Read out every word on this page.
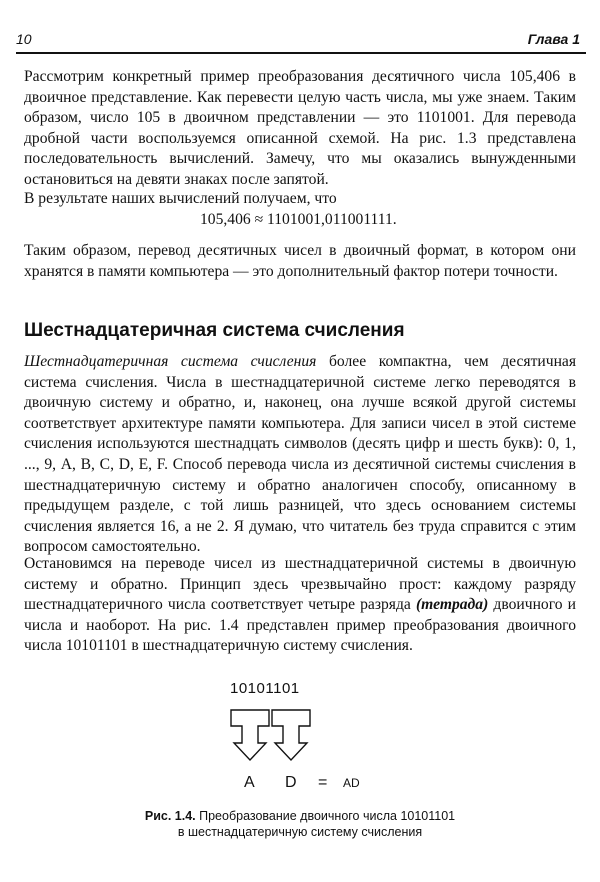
10	Глава 1

Рассмотрим конкретный пример преобразования десятичного числа 105,406 в двоичное представление. Как перевести целую часть числа, мы уже знаем. Таким образом, число 105 в двоичном представлении — это 1101001. Для перевода дробной части воспользуемся описанной схемой. На рис. 1.3 представлена последовательность вычислений. Замечу, что мы оказались вынужденными остановиться на девяти знаках после запятой.

В результате наших вычислений получаем, что

105,406 ≈ 1101001,011001111.

Таким образом, перевод десятичных чисел в двоичный формат, в котором они хранятся в памяти компьютера — это дополнительный фактор потери точности.

Шестнадцатеричная система счисления

Шестнадцатеричная система счисления более компактна, чем десятичная система счисления. Числа в шестнадцатеричной системе легко переводятся в двоичную систему и обратно, и, наконец, она лучше всякой другой системы соответствует архитектуре памяти компьютера. Для записи чисел в этой системе счисления используются шестнадцать символов (десять цифр и шесть букв): 0, 1, ..., 9, A, B, C, D, E, F. Способ перевода числа из десятичной системы счисления в шестнадцатеричную систему и обратно аналогичен способу, описанному в предыдущем разделе, с той лишь разницей, что здесь основанием системы счисления является 16, а не 2. Я думаю, что читатель без труда справится с этим вопросом самостоятельно.

Остановимся на переводе чисел из шестнадцатеричной системы в двоичную систему и обратно. Принцип здесь чрезвычайно прост: каждому разряду шестнадцатеричного числа соответствует четыре разряда (тетрада) двоичного и числа и наоборот. На рис. 1.4 представлен пример преобразования двоичного числа 10101101 в шестнадцатеричную систему счисления.

10101101
A D = AD
Рис. 1.4. Преобразование двоичного числа 10101101
в шестнадцатеричную систему счисления
